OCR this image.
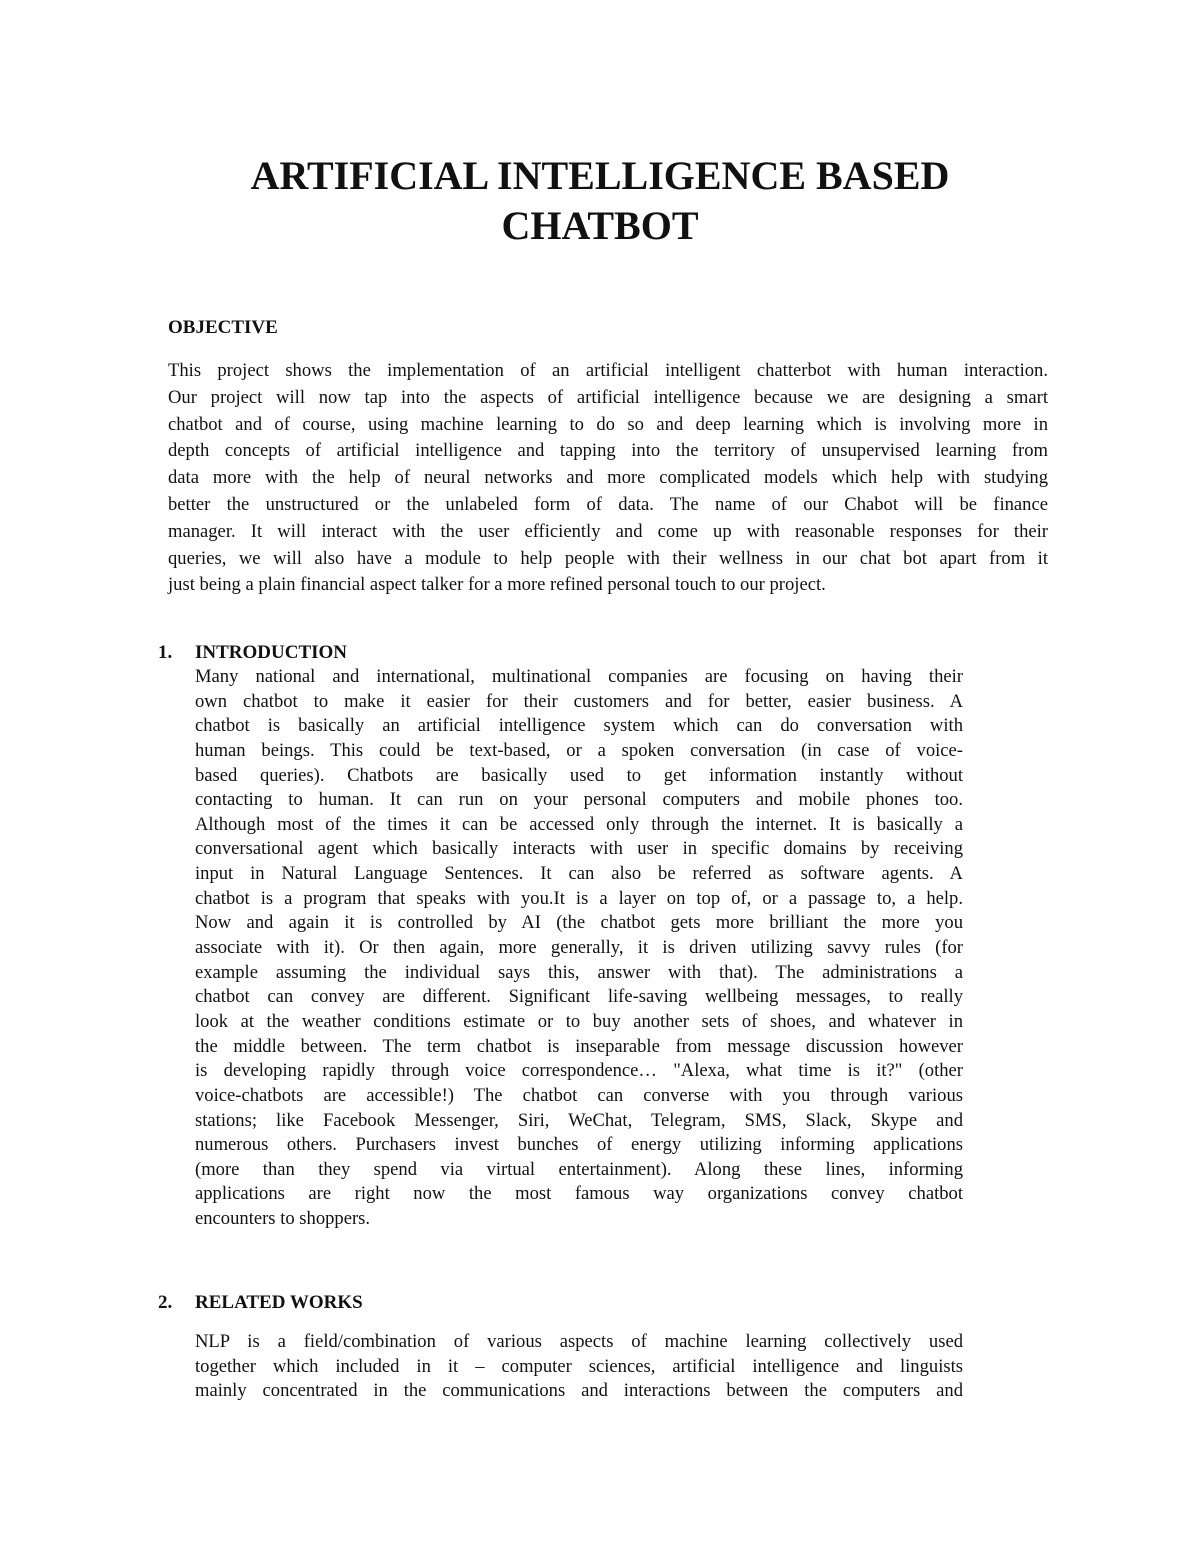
ARTIFICIAL INTELLIGENCE BASED
CHATBOT
OBJECTIVE
This project shows the implementation of an artificial intelligent chatterbot with human interaction.
Our project will now tap into the aspects of artificial intelligence because we are designing a smart
chatbot and of course, using machine learning to do so and deep learning which is involving more in
depth concepts of artificial intelligence and tapping into the territory of unsupervised learning from
data more with the help of neural networks and more complicated models which help with studying
better the unstructured or the unlabeled form of data. The name of our Chabot will be finance
manager. It will interact with the user efficiently and come up with reasonable responses for their
queries, we will also have a module to help people with their wellness in our chat bot apart from it
just being a plain financial aspect talker for a more refined personal touch to our project.
1. INTRODUCTION
Many national and international, multinational companies are focusing on having their
own chatbot to make it easier for their customers and for better, easier business. A
chatbot is basically an artificial intelligence system which can do conversation with
human beings. This could be text-based, or a spoken conversation (in case of voice-
based queries). Chatbots are basically used to get information instantly without
contacting to human. It can run on your personal computers and mobile phones too.
Although most of the times it can be accessed only through the internet. It is basically a
conversational agent which basically interacts with user in specific domains by receiving
input in Natural Language Sentences. It can also be referred as software agents. A
chatbot is a program that speaks with you.It is a layer on top of, or a passage to, a help.
Now and again it is controlled by AI (the chatbot gets more brilliant the more you
associate with it). Or then again, more generally, it is driven utilizing savvy rules (for
example assuming the individual says this, answer with that). The administrations a
chatbot can convey are different. Significant life-saving wellbeing messages, to really
look at the weather conditions estimate or to buy another sets of shoes, and whatever in
the middle between. The term chatbot is inseparable from message discussion however
is developing rapidly through voice correspondence… "Alexa, what time is it?" (other
voice-chatbots are accessible!) The chatbot can converse with you through various
stations; like Facebook Messenger, Siri, WeChat, Telegram, SMS, Slack, Skype and
numerous others. Purchasers invest bunches of energy utilizing informing applications
(more than they spend via virtual entertainment). Along these lines, informing
applications are right now the most famous way organizations convey chatbot
encounters to shoppers.
2. RELATED WORKS
NLP is a field/combination of various aspects of machine learning collectively used
together which included in it – computer sciences, artificial intelligence and linguists
mainly concentrated in the communications and interactions between the computers and
